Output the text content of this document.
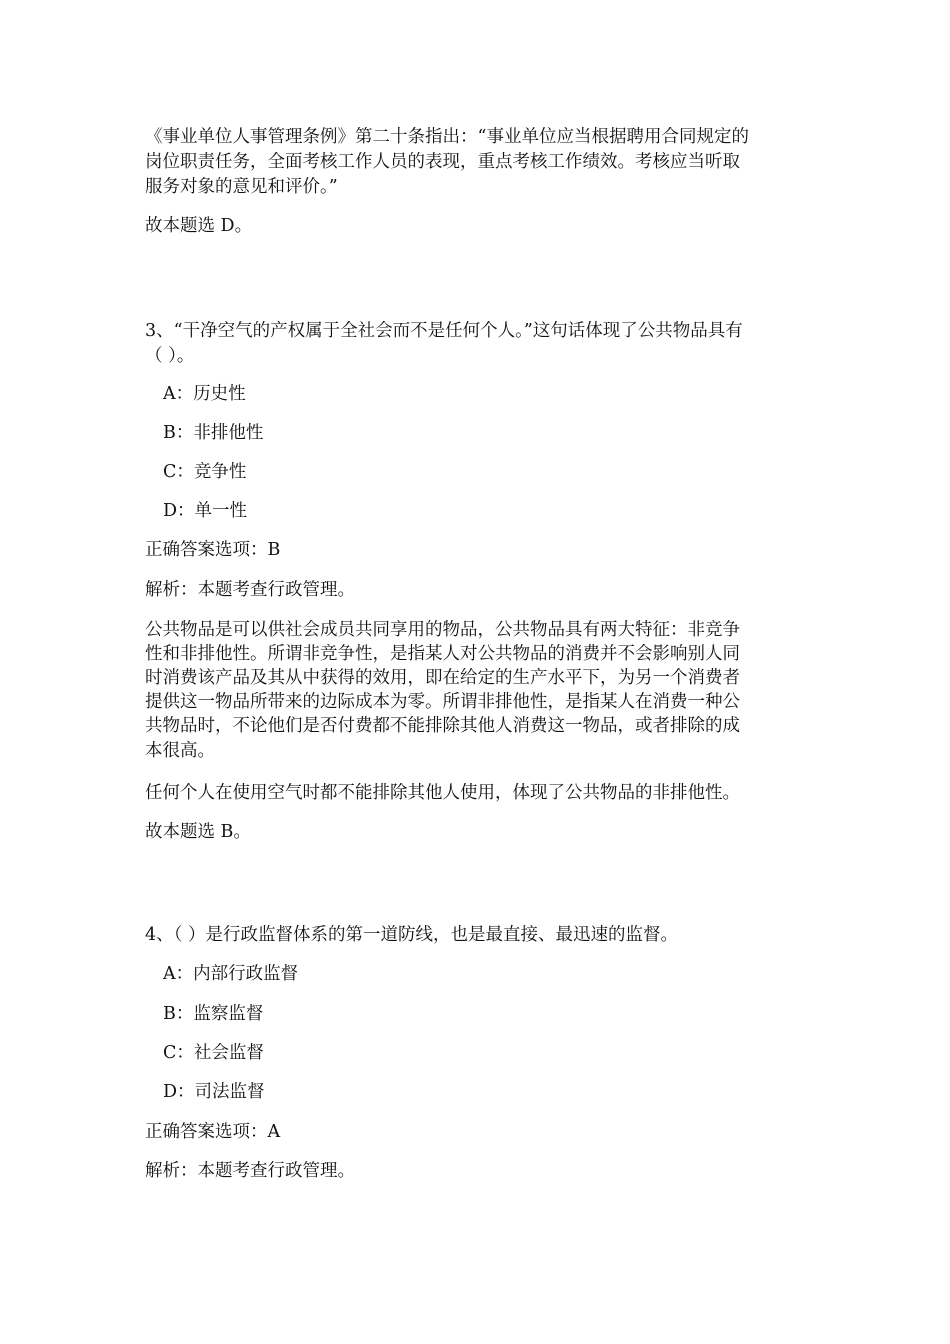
《事业单位人事管理条例》第二十条指出：“事业单位应当根据聘用合同规定的
岗位职责任务，全面考核工作人员的表现，重点考核工作绩效。考核应当听取
服务对象的意见和评价。”
故本题选 D。
3、“干净空气的产权属于全社会而不是任何个人。”这句话体现了公共物品具有
（ ）。
A：历史性
B：非排他性
C：竞争性
D：单一性
正确答案选项：B
解析：本题考查行政管理。
公共物品是可以供社会成员共同享用的物品，公共物品具有两大特征：非竞争
性和非排他性。所谓非竞争性，是指某人对公共物品的消费并不会影响别人同
时消费该产品及其从中获得的效用，即在给定的生产水平下，为另一个消费者
提供这一物品所带来的边际成本为零。所谓非排他性，是指某人在消费一种公
共物品时，不论他们是否付费都不能排除其他人消费这一物品，或者排除的成
本很高。
任何个人在使用空气时都不能排除其他人使用，体现了公共物品的非排他性。
故本题选 B。
4、（ ）是行政监督体系的第一道防线，也是最直接、最迅速的监督。
A：内部行政监督
B：监察监督
C：社会监督
D：司法监督
正确答案选项：A
解析：本题考查行政管理。
